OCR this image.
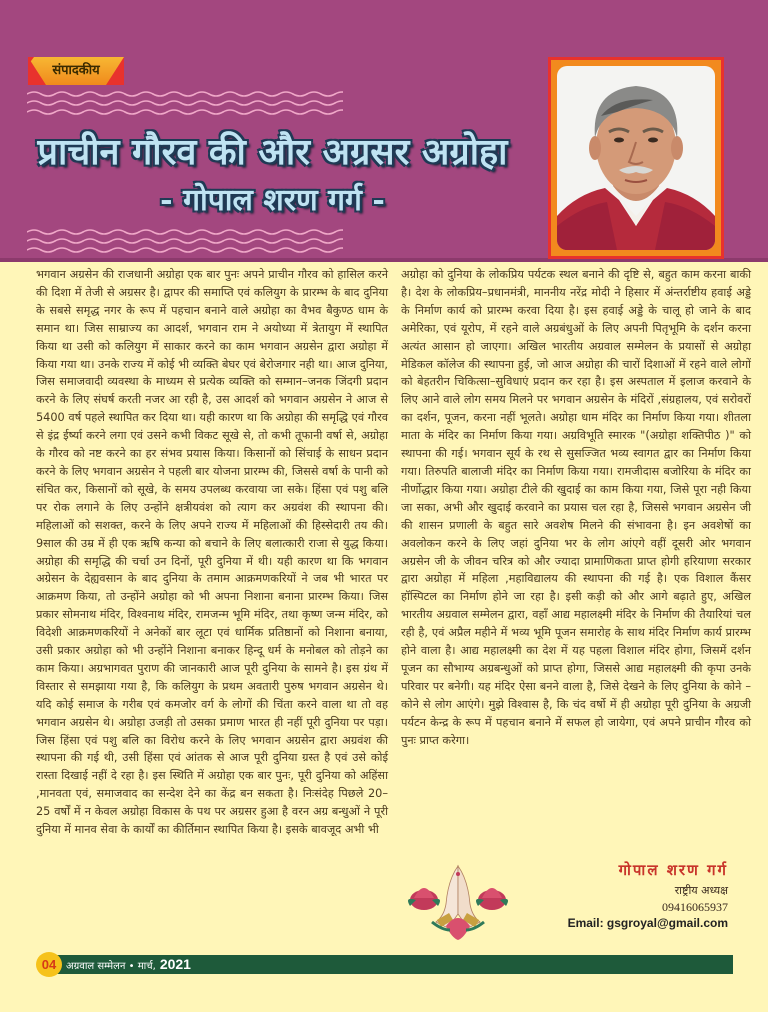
संपादकीय
प्राचीन गौरव की और अग्रसर अग्रोहा
- गोपाल शरण गर्ग -

भगवान अग्रसेन की राजधानी अग्रोहा एक बार पुनः अपने प्राचीन गौरव को हासिल करने की दिशा में तेजी से अग्रसर है। द्वापर की समाप्ति एवं कलियुग के प्रारम्भ के बाद दुनिया के सबसे समृद्ध नगर के रूप में पहचान बनाने वाले अग्रोहा का वैभव बैकुण्ठ धाम के समान था। जिस साम्राज्य का आदर्श, भगवान राम ने अयोध्या में त्रेतायुग में स्थापित किया था उसी को कलियुग में साकार करने का काम भगवान अग्रसेन द्वारा अग्रोहा में किया गया था। उनके राज्य में कोई भी व्यक्ति बेघर एवं बेरोजगार नही था। आज दुनिया, जिस समाजवादी व्यवस्था के माध्यम से प्रत्येक व्यक्ति को सम्मान–जनक जिंदगी प्रदान करने के लिए संघर्ष करती नजर आ रही है, उस आदर्श को भगवान अग्रसेन ने आज से 5400 वर्ष पहले स्थापित कर दिया था। यही कारण था कि अग्रोहा की समृद्धि एवं गौरव से इंद्र ईर्ष्या करने लगा एवं उसने कभी विकट सूखे से, तो कभी तूफानी वर्षा से, अग्रोहा के गौरव को नष्ट करने का हर संभव प्रयास किया। किसानों को सिंचाई के साधन प्रदान करने के लिए भगवान अग्रसेन ने पहली बार योजना प्रारम्भ की, जिससे वर्षा के पानी को संचित कर, किसानों को सूखे, के समय उपलब्ध करवाया जा सके। हिंसा एवं पशु बलि पर रोक लगाने के लिए उन्होंने क्षत्रीयवंश को त्याग कर अग्रवंश की स्थापना की। महिलाओं को सशक्त, करने के लिए अपने राज्य में महिलाओं की हिस्सेदारी तय की। 9साल की उम्र में ही एक ऋषि कन्या को बचाने के लिए बलात्कारी राजा से युद्ध किया। अग्रोहा की समृद्धि की चर्चा उन दिनों, पूरी दुनिया में थी। यही कारण था कि भगवान अग्रेसन के देह्यवसान के बाद दुनिया के तमाम आक्रमणकरियों ने जब भी भारत पर आक्रमण किया, तो उन्होंने अग्रोहा को भी अपना निशाना बनाना प्रारम्भ किया। जिस प्रकार सोमनाथ मंदिर, विश्वनाथ मंदिर, रामजन्म भूमि मंदिर, तथा कृष्ण जन्म मंदिर, को विदेशी आक्रमणकरियों ने अनेकों बार लूटा एवं धार्मिक प्रतिष्ठानों को निशाना बनाया, उसी प्रकार अग्रोहा को भी उन्होंने निशाना बनाकर हिन्दू धर्म के मनोबल को तोड़ने का काम किया। अग्रभागवत पुराण की जानकारी आज पूरी दुनिया के सामने है। इस ग्रंथ में विस्तार से समझाया गया है, कि कलियुग के प्रथम अवतारी पुरुष भगवान अग्रसेन थे। यदि कोई समाज के गरीब एवं कमजोर वर्ग के लोगों की चिंता करने वाला था तो वह भगवान अग्रसेन थे। अग्रोहा उजड़ी तो उसका प्रमाण भारत ही नहीं पूरी दुनिया पर पड़ा। जिस हिंसा एवं पशु बलि का विरोध करने के लिए भगवान अग्रसेन द्वारा अग्रवंश की स्थापना की गई थी, उसी हिंसा एवं आंतक से आज पूरी दुनिया ग्रस्त है एवं उसे कोई रास्ता दिखाई नहीं दे रहा है। इस स्थिति में अग्रोहा एक बार पुनः, पूरी दुनिया को अहिंसा ,मानवता एवं, समाजवाद का सन्देश देने का केंद्र बन सकता है। निःसंदेह पिछले 20–25 वर्षों में न केवल अग्रोहा विकास के पथ पर अग्रसर हुआ है वरन अग्र बन्धुओं ने पूरी दुनिया में मानव सेवा के कार्यों का कीर्तिमान स्थापित किया है। इसके बावजूद अभी भी

अग्रोहा को दुनिया के लोकप्रिय पर्यटक स्थल बनाने की दृष्टि से, बहुत काम करना बाकी है। देश के लोकप्रिय–प्रधानमंत्री, माननीय नरेंद्र मोदी ने हिसार में अंन्तर्राष्टीय हवाई अड्डे के निर्माण कार्य को प्रारम्भ करवा दिया है। इस हवाई अड्डे के चालू हो जाने के बाद अमेरिका, एवं यूरोप, में रहने वाले अग्रबंधुओं के लिए अपनी पितृभूमि के दर्शन करना अत्यंत आसान हो जाएगा। अखिल भारतीय अग्रवाल सम्मेलन के प्रयासों से अग्रोहा मेडिकल कॉलेज की स्थापना हुई, जो आज अग्रोहा की चारों दिशाओं में रहने वाले लोगों को बेहतरीन चिकित्सा–सुविधाएं प्रदान कर रहा है। इस अस्पताल में इलाज करवाने के लिए आने वाले लोग समय मिलने पर भगवान अग्रसेन के मंदिरों ,संग्रहालय, एवं सरोवरों का दर्शन, पूजन, करना नहीं भूलते। अग्रोहा धाम मंदिर का निर्माण किया गया। शीतला माता के मंदिर का निर्माण किया गया। अग्रविभूति स्मारक "(अग्रोहा शक्तिपीठ )" को स्थापना की गई। भगवान सूर्य के रथ से सुसज्जित भव्य स्वागत द्वार का निर्माण किया गया। तिरुपति बालाजी मंदिर का निर्माण किया गया। रामजीदास बजोरिया के मंदिर का नीर्णोद्धार किया गया। अग्रोहा टीले की खुदाई का काम किया गया, जिसे पूरा नही किया जा सका, अभी और खुदाई करवाने का प्रयास चल रहा है, जिससे भगवान अग्रसेन जी की शासन प्रणाली के बहुत सारे अवशेष मिलने की संभावना है। इन अवशेषों का अवलोकन करने के लिए जहां दुनिया भर के लोग आंएगे वहीं दूसरी ओर भगवान अग्रसेन जी के जीवन चरित्र को और ज्यादा प्रामाणिकता प्राप्त होगी हरियाणा सरकार द्वारा अग्रोहा में महिला ,महाविद्यालय की स्थापना की गई है। एक विशाल कैंसर हॉस्पिटल का निर्माण होने जा रहा है। इसी कड़ी को और आगे बढ़ाते हुए, अखिल भारतीय अग्रवाल सम्मेलन द्वारा, वहाँ आद्य महालक्ष्मी मंदिर के निर्माण की तैयारियां चल रही है, एवं अप्रैल महीने में भव्य भूमि पूजन समारोह के साथ मंदिर निर्माण कार्य प्रारम्भ होने वाला है। आद्य महालक्ष्मी का देश में यह पहला विशाल मंदिर होगा, जिसमें दर्शन पूजन का सौभाग्य अग्रबन्धुओं को प्राप्त होगा, जिससे आद्य महालक्ष्मी की कृपा उनके परिवार पर बनेगी। यह मंदिर ऐसा बनने वाला है, जिसे देखने के लिए दुनिया के कोने –कोने से लोग आएंगे। मुझे विश्वास है, कि चंद वर्षो में ही अग्रोहा पूरी दुनिया के अग्रजी पर्यटन केन्द्र के रूप में पहचान बनाने में सफल हो जायेगा, एवं अपने प्राचीन गौरव को पुनः प्राप्त करेगा।

गोपाल शरण गर्ग
राष्ट्रीय अध्यक्ष
09416065937
Email: gsgroyal@gmail.com
04 अग्रवाल सम्मेलन • मार्च, 2021
